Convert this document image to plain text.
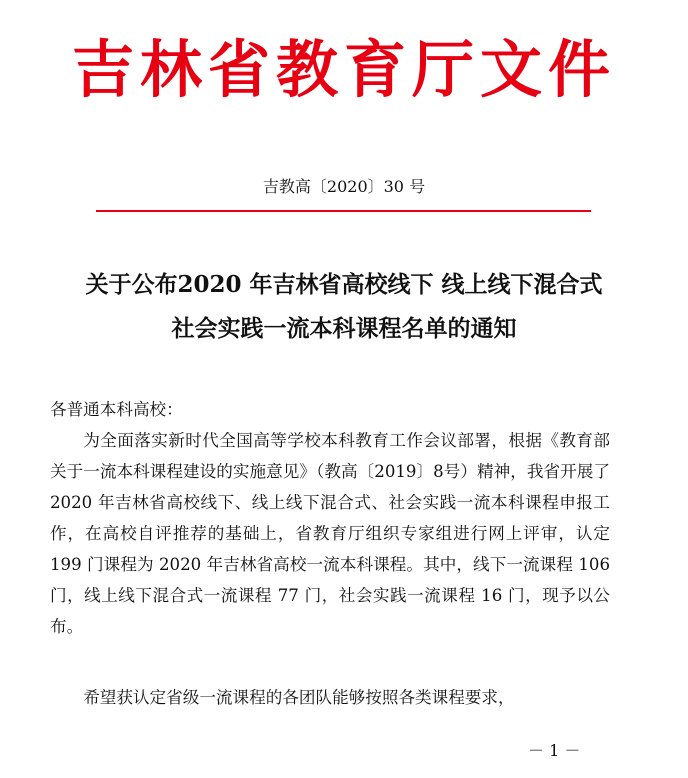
吉林省教育厅文件
吉教高〔2020〕30 号
关于公布2020 年吉林省高校线下 线上线下混合式
社会实践一流本科课程名单的通知
各普通本科高校：
为全面落实新时代全国高等学校本科教育工作会议部署，根据《教育部关于一流本科课程建设的实施意见》（教高〔2019〕8号）精神，我省开展了 2020 年吉林省高校线下、线上线下混合式、社会实践一流本科课程申报工作，在高校自评推荐的基础上，省教育厅组织专家组进行网上评审，认定 199 门课程为 2020 年吉林省高校一流本科课程。其中，线下一流课程 106 门，线上线下混合式一流课程 77 门，社会实践一流课程 16 门，现予以公布。
希望获认定省级一流课程的各团队能够按照各类课程要求，
－ 1 －
